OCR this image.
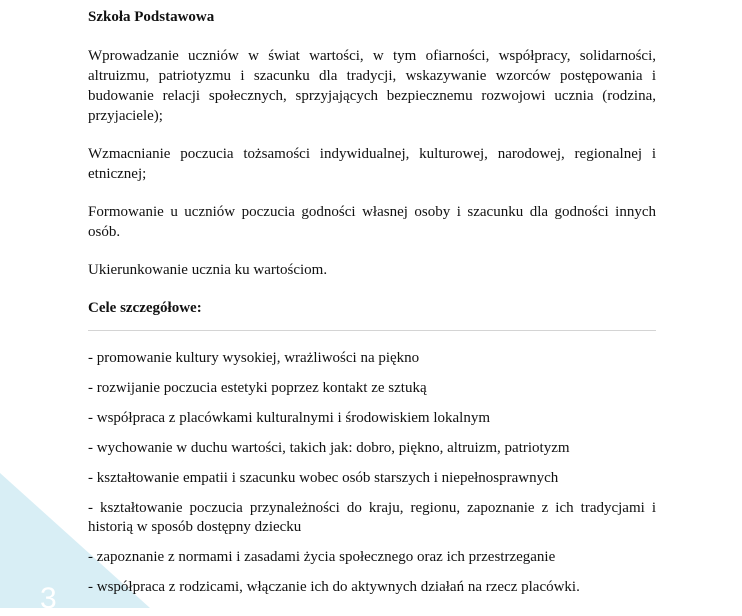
3
Szkoła Podstawowa

Wprowadzanie uczniów w świat wartości, w tym ofiarności, współpracy, solidarności, altruizmu, patriotyzmu i szacunku dla tradycji, wskazywanie wzorców postępowania i budowanie relacji społecznych, sprzyjających bezpiecznemu rozwojowi ucznia (rodzina, przyjaciele);

Wzmacnianie poczucia tożsamości indywidualnej, kulturowej, narodowej, regionalnej i etnicznej;

Formowanie u uczniów poczucia godności własnej osoby i szacunku dla godności innych osób.

Ukierunkowanie ucznia ku wartościom.

Cele szczegółowe:
- promowanie kultury wysokiej, wrażliwości na piękno
- rozwijanie poczucia estetyki poprzez kontakt ze sztuką
- współpraca z placówkami kulturalnymi i środowiskiem lokalnym
- wychowanie w duchu wartości, takich jak: dobro, piękno, altruizm, patriotyzm
- kształtowanie empatii i szacunku wobec osób starszych i niepełnosprawnych
- kształtowanie poczucia przynależności do kraju, regionu, zapoznanie z ich tradycjami i historią w sposób dostępny dziecku
- zapoznanie z normami i zasadami życia społecznego oraz ich przestrzeganie
- współpraca z rodzicami, włączanie ich do aktywnych działań na rzecz placówki.
